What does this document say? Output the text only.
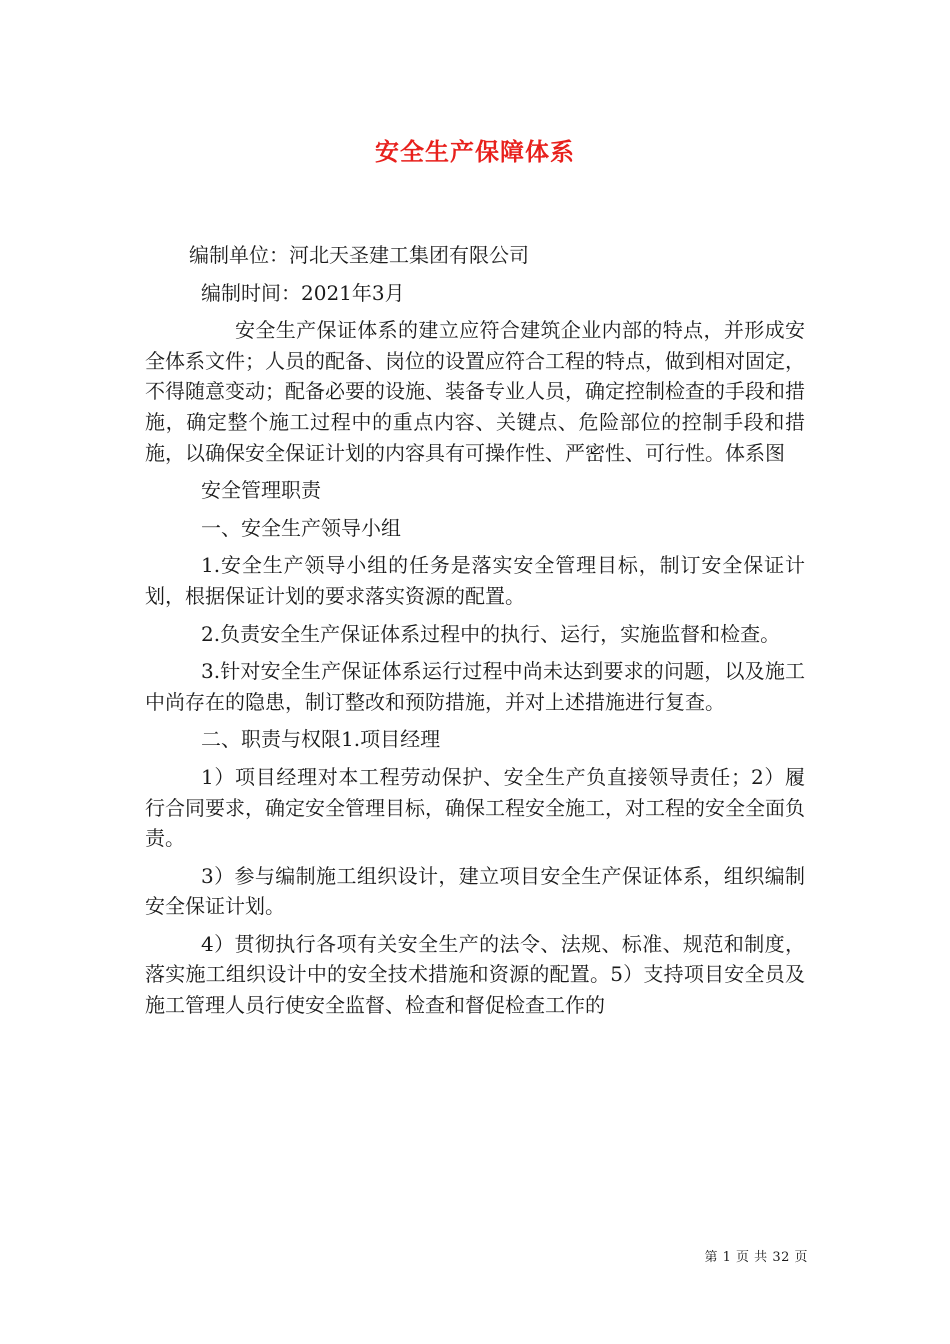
安全生产保障体系

编制单位：河北天圣建工集团有限公司

编制时间：2021年3月

安全生产保证体系的建立应符合建筑企业内部的特点，并形成安全体系文件；人员的配备、岗位的设置应符合工程的特点，做到相对固定，不得随意变动；配备必要的设施、装备专业人员，确定控制检查的手段和措施，确定整个施工过程中的重点内容、关键点、危险部位的控制手段和措施，以确保安全保证计划的内容具有可操作性、严密性、可行性。体系图

安全管理职责

一、安全生产领导小组

1.安全生产领导小组的任务是落实安全管理目标，制订安全保证计划，根据保证计划的要求落实资源的配置。

2.负责安全生产保证体系过程中的执行、运行，实施监督和检查。

3.针对安全生产保证体系运行过程中尚未达到要求的问题，以及施工中尚存在的隐患，制订整改和预防措施，并对上述措施进行复查。

二、职责与权限1.项目经理

1）项目经理对本工程劳动保护、安全生产负直接领导责任；2）履行合同要求，确定安全管理目标，确保工程安全施工，对工程的安全全面负责。

3）参与编制施工组织设计，建立项目安全生产保证体系，组织编制安全保证计划。

4）贯彻执行各项有关安全生产的法令、法规、标准、规范和制度，落实施工组织设计中的安全技术措施和资源的配置。5）支持项目安全员及施工管理人员行使安全监督、检查和督促检查工作的

第 1 页 共 32 页
